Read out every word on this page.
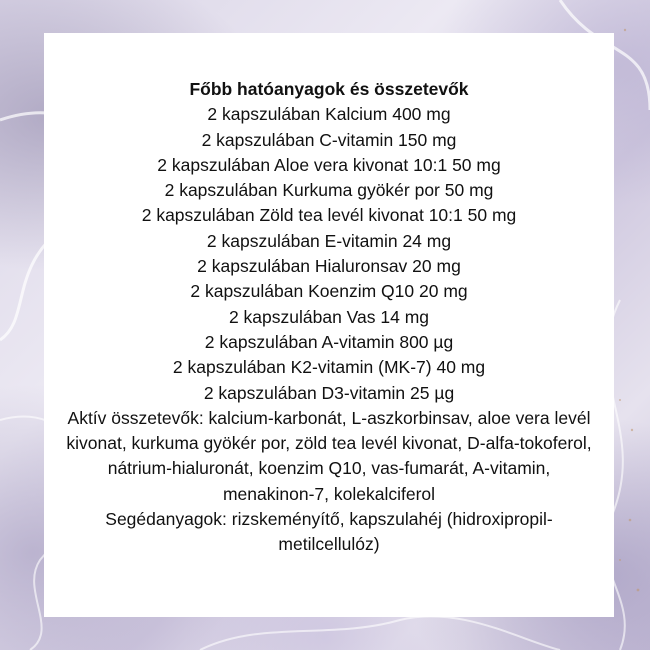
Főbb hatóanyagok és összetevők

2 kapszulában Kalcium 400 mg
2 kapszulában C-vitamin 150 mg
2 kapszulában Aloe vera kivonat 10:1 50 mg
2 kapszulában Kurkuma gyökér por 50 mg
2 kapszulában Zöld tea levél kivonat 10:1 50 mg
2 kapszulában E-vitamin 24 mg
2 kapszulában Hialuronsav 20 mg
2 kapszulában Koenzim Q10 20 mg
2 kapszulában Vas 14 mg
2 kapszulában A-vitamin 800 µg
2 kapszulában K2-vitamin (MK-7) 40 mg
2 kapszulában D3-vitamin 25 µg

Aktív összetevők: kalcium-karbonát, L-aszkorbinsav, aloe vera levél kivonat, kurkuma gyökér por, zöld tea levél kivonat, D-alfa-tokoferol, nátrium-hialuronát, koenzim Q10, vas-fumarát, A-vitamin, menakinon-7, kolekalciferol

Segédanyagok: rizskeményítő, kapszulahéj (hidroxipropil-metilcellulóz)
